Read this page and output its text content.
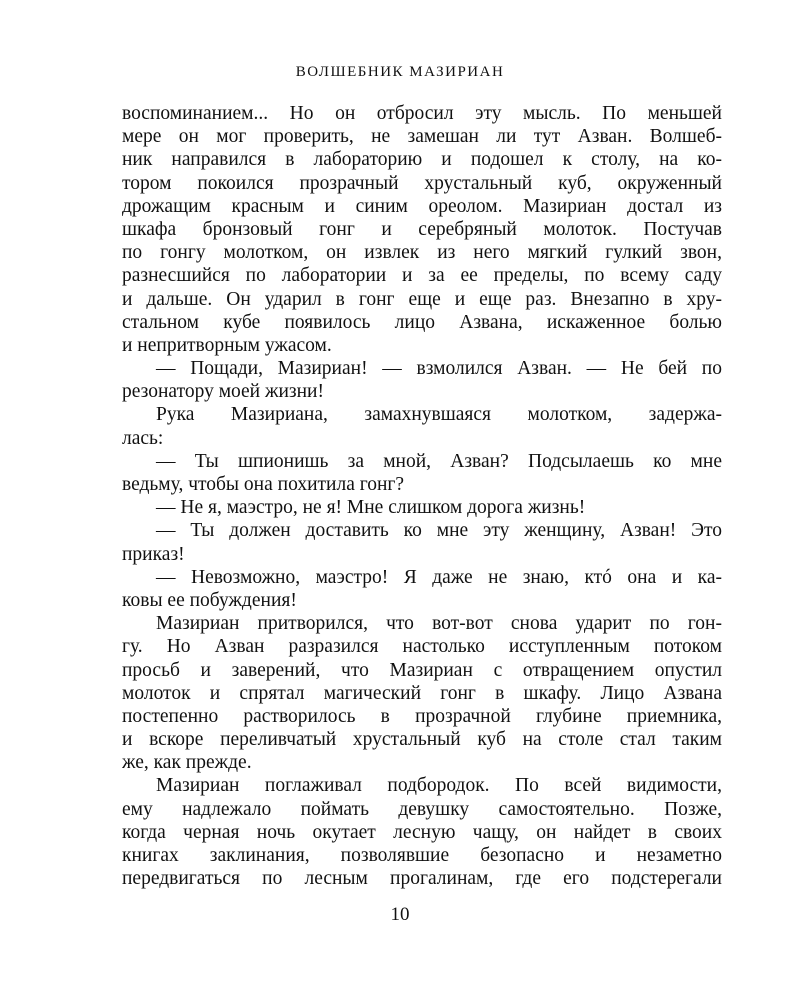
ВОЛШЕБНИК МАЗИРИАН
воспоминанием... Но он отбросил эту мысль. По меньшей
мере он мог проверить, не замешан ли тут Азван. Волшеб-
ник направился в лабораторию и подошел к столу, на ко-
тором покоился прозрачный хрустальный куб, окруженный
дрожащим красным и синим ореолом. Мазириан достал из
шкафа бронзовый гонг и серебряный молоток. Постучав
по гонгу молотком, он извлек из него мягкий гулкий звон,
разнесшийся по лаборатории и за ее пределы, по всему саду
и дальше. Он ударил в гонг еще и еще раз. Внезапно в хру-
стальном кубе появилось лицо Азвана, искаженное болью
и непритворным ужасом.
— Пощади, Мазириан! — взмолился Азван. — Не бей по
резонатору моей жизни!
Рука Мазириана, замахнувшаяся молотком, задержа-
лась:
— Ты шпионишь за мной, Азван? Подсылаешь ко мне
ведьму, чтобы она похитила гонг?
— Не я, маэстро, не я! Мне слишком дорога жизнь!
— Ты должен доставить ко мне эту женщину, Азван! Это
приказ!
— Невозможно, маэстро! Я даже не знаю, ктó она и ка-
ковы ее побуждения!
Мазириан притворился, что вот-вот снова ударит по гон-
гу. Но Азван разразился настолько исступленным потоком
просьб и заверений, что Мазириан с отвращением опустил
молоток и спрятал магический гонг в шкафу. Лицо Азвана
постепенно растворилось в прозрачной глубине приемника,
и вскоре переливчатый хрустальный куб на столе стал таким
же, как прежде.
Мазириан поглаживал подбородок. По всей видимости,
ему надлежало поймать девушку самостоятельно. Позже,
когда черная ночь окутает лесную чащу, он найдет в своих
книгах заклинания, позволявшие безопасно и незаметно
передвигаться по лесным прогалинам, где его подстерегали
10
